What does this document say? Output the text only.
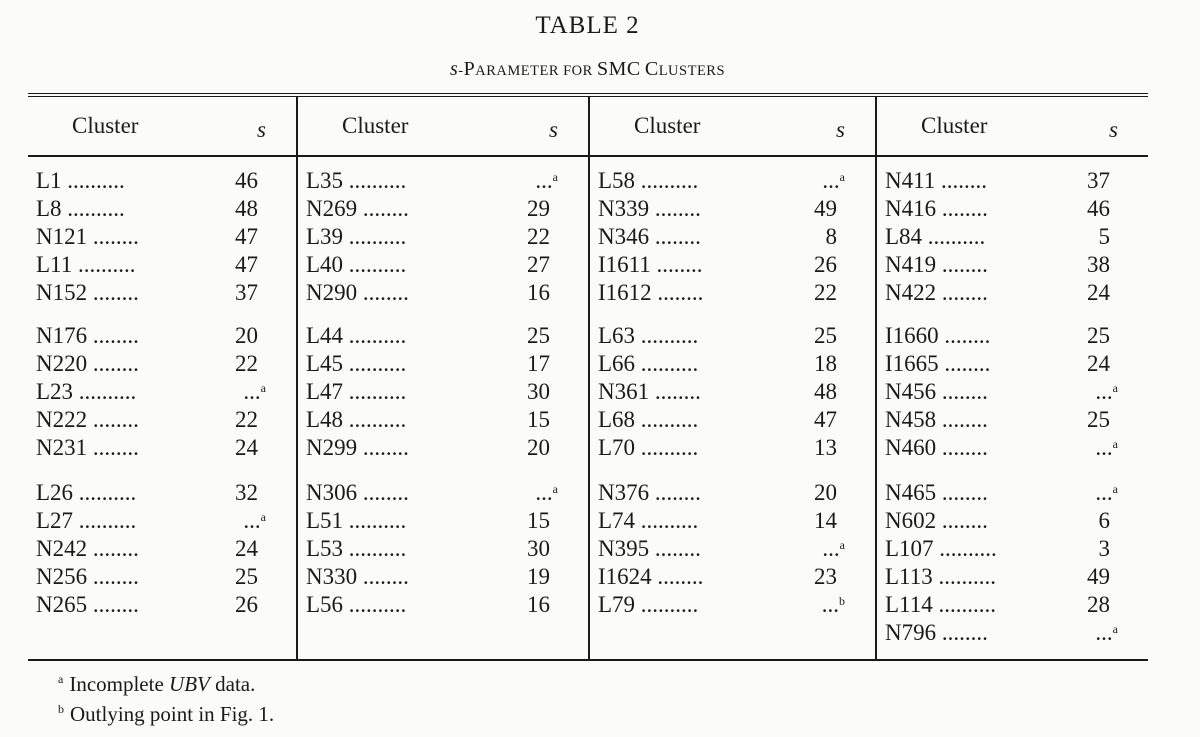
TABLE 2
s-PARAMETER FOR SMC CLUSTERS
Cluster	s
L1 ..........	46
L8 ..........	48
N121 ........	47
L11 ..........	47
N152 ........	37
N176 ........	20
N220 ........	22
L23 ..........	...$^a$
N222 ........	22
N231 ........	24
L26 ..........	32
L27 ..........	...$^a$
N242 ........	24
N256 ........	25
N265 ........	26
Cluster	s
L35 ..........	...$^a$
N269 ........	29
L39 ..........	22
L40 ..........	27
N290 ........	16
L44 ..........	25
L45 ..........	17
L47 ..........	30
L48 ..........	15
N299 ........	20
N306 ........	...$^a$
L51 ..........	15
L53 ..........	30
N330 ........	19
L56 ..........	16
Cluster	s
L58 ..........	...$^a$
N339 ........	49
N346 ........	8
I1611 ........	26
I1612 ........	22
L63 ..........	25
L66 ..........	18
N361 ........	48
L68 ..........	47
L70 ..........	13
N376 ........	20
L74 ..........	14
N395 ........	...$^a$
I1624 ........	23
L79 ..........	...$^b$
Cluster	s
N411 ........	37
N416 ........	46
L84 ..........	5
N419 ........	38
N422 ........	24
I1660 ........	25
I1665 ........	24
N456 ........	...$^a$
N458 ........	25
N460 ........	...$^a$
N465 ........	...$^a$
N602 ........	6
L107 ..........	3
L113 ..........	49
L114 ..........	28
N796 ........	...$^a$
$^a$ Incomplete UBV data.
$^b$ Outlying point in Fig. 1.
